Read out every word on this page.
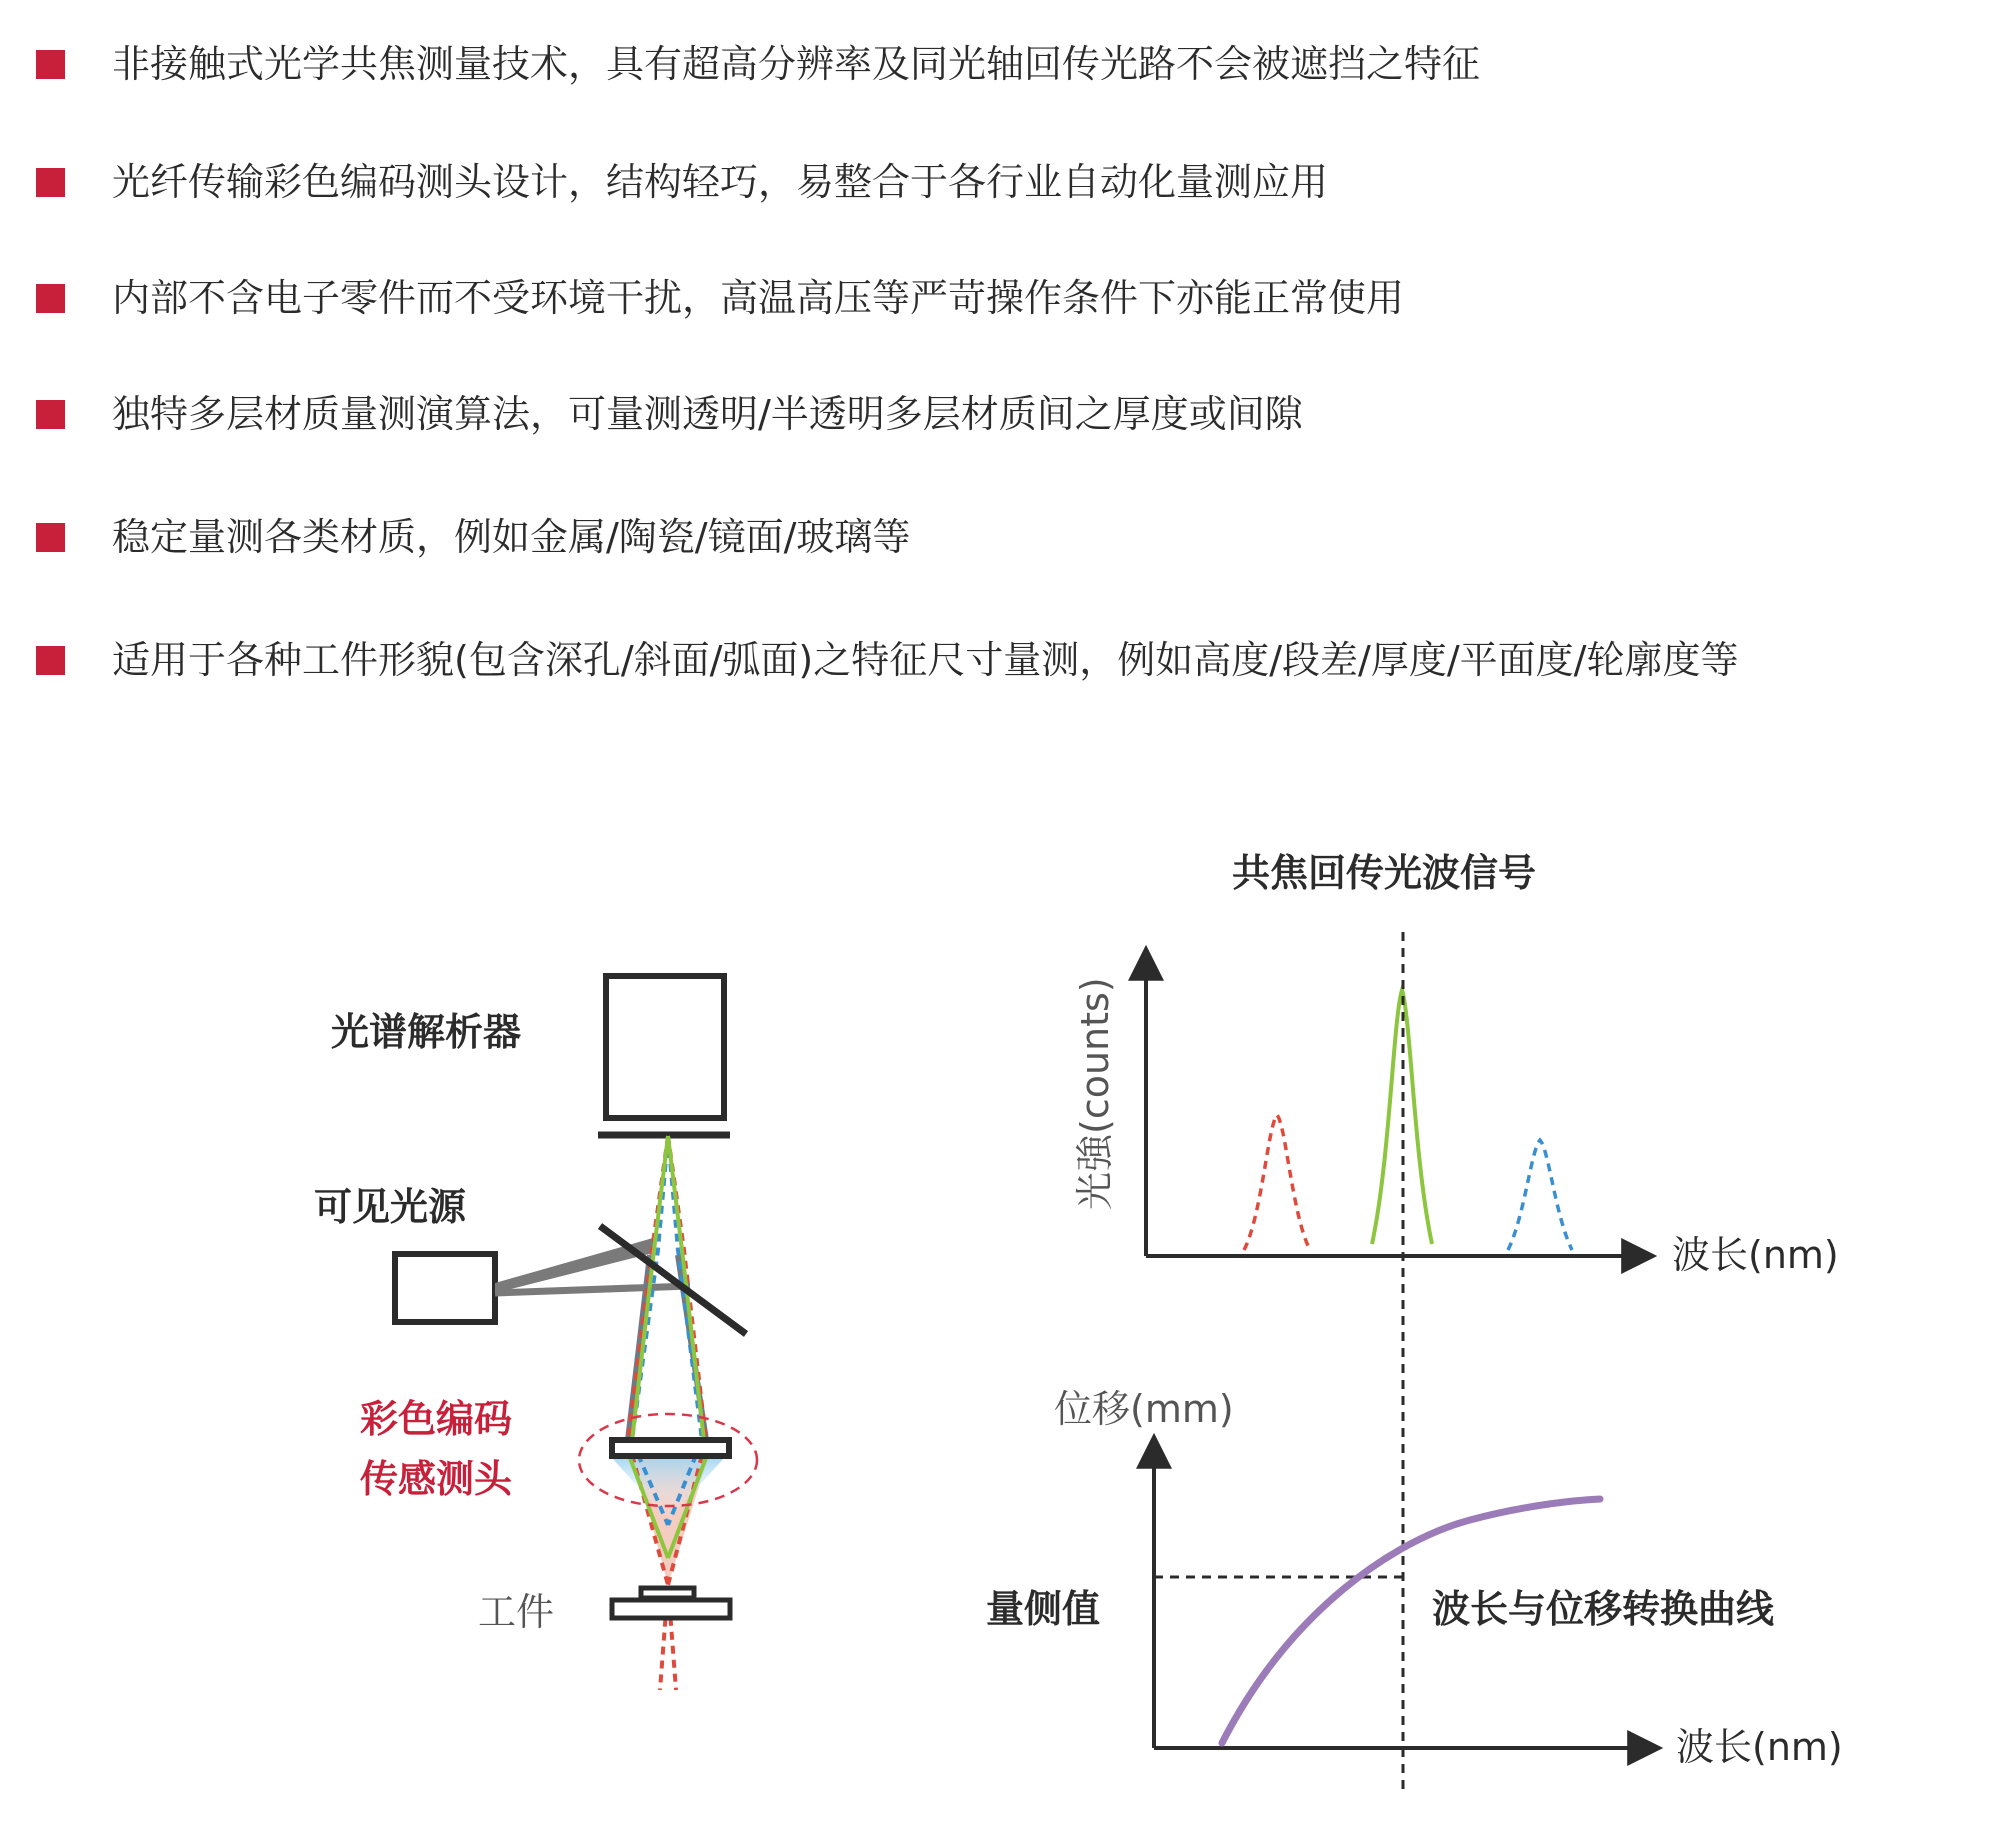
非接触式光学共焦测量技术，具有超高分辨率及同光轴回传光路不会被遮挡之特征
光纤传输彩色编码测头设计，结构轻巧，易整合于各行业自动化量测应用
内部不含电子零件而不受环境干扰，高温高压等严苛操作条件下亦能正常使用
独特多层材质量测演算法，可量测透明/半透明多层材质间之厚度或间隙
稳定量测各类材质，例如金属/陶瓷/镜面/玻璃等
适用于各种工件形貌(包含深孔/斜面/弧面)之特征尺寸量测，例如高度/段差/厚度/平面度/轮廓度等
光谱解析器
可见光源
彩色编码
传感测头
工件
共焦回传光波信号
光強(counts)
波长(nm)
位移(mm)
波长(nm)
量侧值	波长与位移转换曲线
